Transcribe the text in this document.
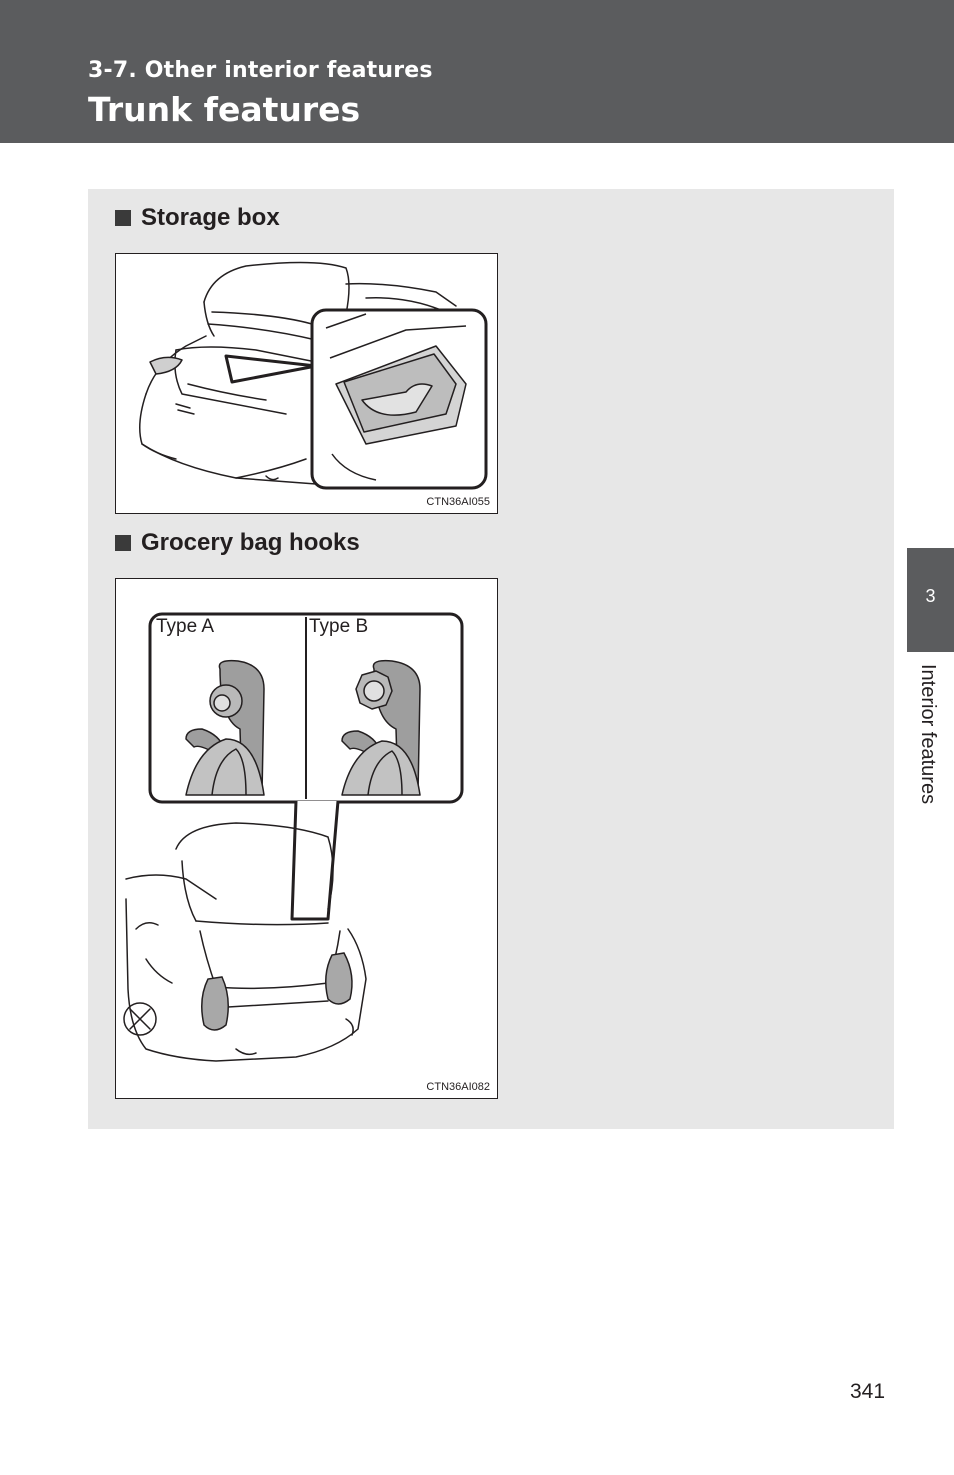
3-7. Other interior features
Trunk features
Storage box
CTN36AI055
Grocery bag hooks
Type A	Type B
CTN36AI082
3
Interior features
341
